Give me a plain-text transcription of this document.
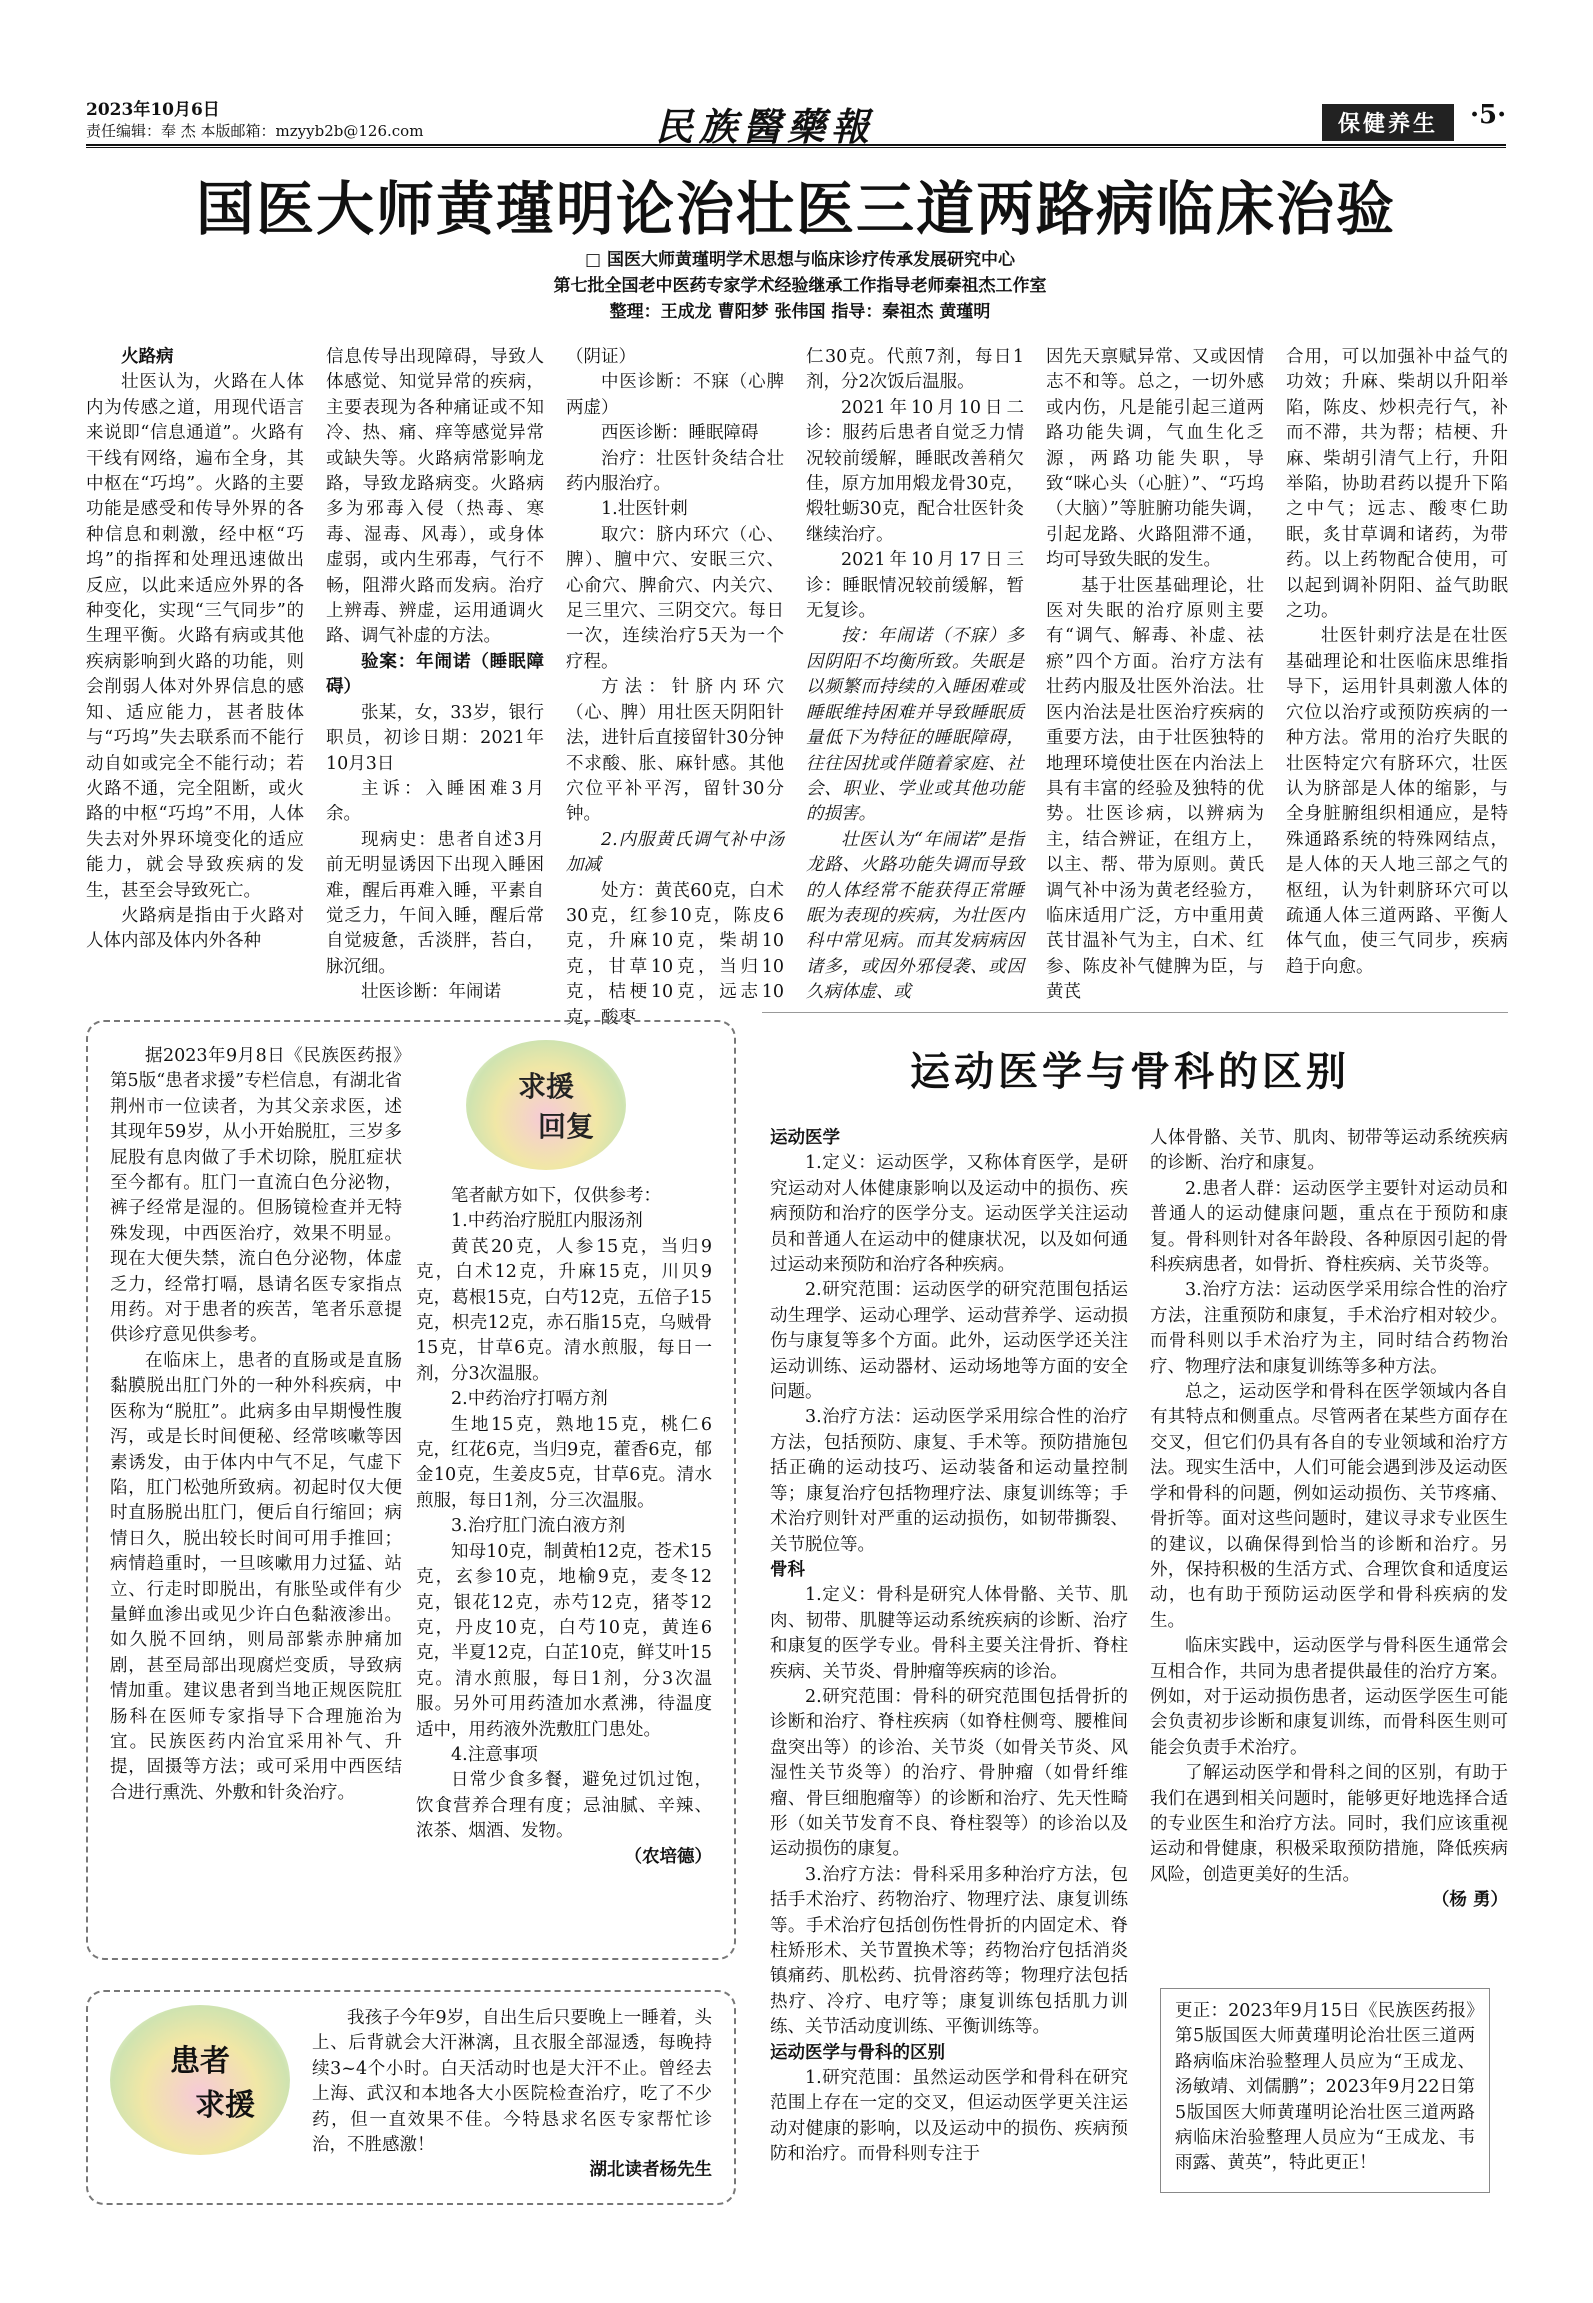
2023年10月6日
责任编辑：奉 杰 本版邮箱：mzyyb2b@126.com	民族醫藥報	保健养生	·5·
国医大师黄瑾明论治壮医三道两路病临床治验
□ 国医大师黄瑾明学术思想与临床诊疗传承发展研究中心
第七批全国老中医药专家学术经验继承工作指导老师秦祖杰工作室
整理：王成龙 曹阳梦 张伟国 指导：秦祖杰 黄瑾明

火路病

壮医认为，火路在人体内为传感之道，用现代语言来说即“信息通道”。火路有干线有网络，遍布全身，其中枢在“巧坞”。火路的主要功能是感受和传导外界的各种信息和刺激，经中枢“巧坞”的指挥和处理迅速做出反应，以此来适应外界的各种变化，实现“三气同步”的生理平衡。火路有病或其他疾病影响到火路的功能，则会削弱人体对外界信息的感知、适应能力，甚者肢体与“巧坞”失去联系而不能行动自如或完全不能行动；若火路不通，完全阻断，或火路的中枢“巧坞”不用，人体失去对外界环境变化的适应能力，就会导致疾病的发生，甚至会导致死亡。

火路病是指由于火路对人体内部及体内外各种

信息传导出现障碍，导致人体感觉、知觉异常的疾病，主要表现为各种痛证或不知冷、热、痛、痒等感觉异常或缺失等。火路病常影响龙路，导致龙路病变。火路病多为邪毒入侵（热毒、寒毒、湿毒、风毒），或身体虚弱，或内生邪毒，气行不畅，阻滞火路而发病。治疗上辨毒、辨虚，运用通调火路、调气补虚的方法。

验案：年闹诺（睡眠障碍）

张某，女，33岁，银行职员，初诊日期：2021年10月3日

主诉：入睡困难3月余。

现病史：患者自述3月前无明显诱因下出现入睡困难，醒后再难入睡，平素自觉乏力，午间入睡，醒后常自觉疲惫，舌淡胖，苔白，脉沉细。

壮医诊断：年闹诺

（阴证）

中医诊断：不寐（心脾两虚）

西医诊断：睡眠障碍

治疗：壮医针灸结合壮药内服治疗。

1.壮医针刺

取穴：脐内环穴（心、脾）、膻中穴、安眠三穴、心俞穴、脾俞穴、内关穴、足三里穴、三阴交穴。每日一次，连续治疗5天为一个疗程。

方法：针脐内环穴（心、脾）用壮医天阴阳针法，进针后直接留针30分钟不求酸、胀、麻针感。其他穴位平补平泻，留针30分钟。

2.内服黄氏调气补中汤加减

处方：黄芪60克，白术30克，红参10克，陈皮6克，升麻10克，柴胡10克，甘草10克，当归10克，桔梗10克，远志10克，酸枣

仁30克。代煎7剂，每日1剂，分2次饭后温服。

2021年10月10日二诊：服药后患者自觉乏力情况较前缓解，睡眠改善稍欠佳，原方加用煅龙骨30克，煅牡蛎30克，配合壮医针灸继续治疗。

2021年10月17日三诊：睡眠情况较前缓解，暂无复诊。

按：年闹诺（不寐）多因阴阳不均衡所致。失眠是以频繁而持续的入睡困难或睡眠维持困难并导致睡眠质量低下为特征的睡眠障碍，往往因扰或伴随着家庭、社会、职业、学业或其他功能的损害。

壮医认为“年闹诺”是指龙路、火路功能失调而导致的人体经常不能获得正常睡眠为表现的疾病，为壮医内科中常见病。而其发病病因诸多，或因外邪侵袭、或因久病体虚、或

因先天禀赋异常、又或因情志不和等。总之，一切外感或内伤，凡是能引起三道两路功能失调，气血生化乏源，两路功能失职，导致“咪心头（心脏）”、“巧坞（大脑）”等脏腑功能失调，引起龙路、火路阻滞不通，均可导致失眠的发生。

基于壮医基础理论，壮医对失眠的治疗原则主要有“调气、解毒、补虚、祛瘀”四个方面。治疗方法有壮药内服及壮医外治法。壮医内治法是壮医治疗疾病的重要方法，由于壮医独特的地理环境使壮医在内治法上具有丰富的经验及独特的优势。壮医诊病，以辨病为主，结合辨证，在组方上，以主、帮、带为原则。黄氏调气补中汤为黄老经验方，临床适用广泛，方中重用黄芪甘温补气为主，白术、红参、陈皮补气健脾为臣，与黄芪

合用，可以加强补中益气的功效；升麻、柴胡以升阳举陷，陈皮、炒枳壳行气，补而不滞，共为帮；桔梗、升麻、柴胡引清气上行，升阳举陷，协助君药以提升下陷之中气；远志、酸枣仁助眠，炙甘草调和诸药，为带药。以上药物配合使用，可以起到调补阴阳、益气助眠之功。

壮医针刺疗法是在壮医基础理论和壮医临床思维指导下，运用针具刺激人体的穴位以治疗或预防疾病的一种方法。常用的治疗失眠的壮医特定穴有脐环穴，壮医认为脐部是人体的缩影，与全身脏腑组织相通应，是特殊通路系统的特殊网结点，是人体的天人地三部之气的枢纽，认为针刺脐环穴可以疏通人体三道两路、平衡人体气血，使三气同步，疾病趋于向愈。

求援
回复

据2023年9月8日《民族医药报》第5版“患者求援”专栏信息，有湖北省荆州市一位读者，为其父亲求医，述其现年59岁，从小开始脱肛，三岁多屁股有息肉做了手术切除，脱肛症状至今都有。肛门一直流白色分泌物，裤子经常是湿的。但肠镜检查并无特殊发现，中西医治疗，效果不明显。现在大便失禁，流白色分泌物，体虚乏力，经常打嗝，恳请名医专家指点用药。对于患者的疾苦，笔者乐意提供诊疗意见供参考。

在临床上，患者的直肠或是直肠黏膜脱出肛门外的一种外科疾病，中医称为“脱肛”。此病多由早期慢性腹泻，或是长时间便秘、经常咳嗽等因素诱发，由于体内中气不足，气虚下陷，肛门松弛所致病。初起时仅大便时直肠脱出肛门，便后自行缩回；病情日久，脱出较长时间可用手推回；病情趋重时，一旦咳嗽用力过猛、站立、行走时即脱出，有胀坠或伴有少量鲜血渗出或见少许白色黏液渗出。如久脱不回纳，则局部紫赤肿痛加剧，甚至局部出现腐烂变质，导致病情加重。建议患者到当地正规医院肛肠科在医师专家指导下合理施治为宜。民族医药内治宜采用补气、升提，固摄等方法；或可采用中西医结合进行熏洗、外敷和针灸治疗。

笔者献方如下，仅供参考：

1.中药治疗脱肛内服汤剂

黄芪20克，人参15克，当归9克，白术12克，升麻15克，川贝9克，葛根15克，白芍12克，五倍子15克，枳壳12克，赤石脂15克，乌贼骨15克，甘草6克。清水煎服，每日一剂，分3次温服。

2.中药治疗打嗝方剂

生地15克，熟地15克，桃仁6克，红花6克，当归9克，藿香6克，郁金10克，生姜皮5克，甘草6克。清水煎服，每日1剂，分三次温服。

3.治疗肛门流白液方剂

知母10克，制黄柏12克，苍术15克，玄参10克，地榆9克，麦冬12克，银花12克，赤芍12克，猪苓12克，丹皮10克，白芍10克，黄连6克，半夏12克，白芷10克，鲜艾叶15克。清水煎服，每日1剂，分3次温服。另外可用药渣加水煮沸，待温度适中，用药液外洗敷肛门患处。

4.注意事项

日常少食多餐，避免过饥过饱，饮食营养合理有度；忌油腻、辛辣、浓茶、烟酒、发物。

（农培德）

患者
求援

我孩子今年9岁，自出生后只要晚上一睡着，头上、后背就会大汗淋漓，且衣服全部湿透，每晚持续3~4个小时。白天活动时也是大汗不止。曾经去上海、武汉和本地各大小医院检查治疗，吃了不少药，但一直效果不佳。今特恳求名医专家帮忙诊治，不胜感激！

湖北读者杨先生

运动医学与骨科的区别

运动医学

1.定义：运动医学，又称体育医学，是研究运动对人体健康影响以及运动中的损伤、疾病预防和治疗的医学分支。运动医学关注运动员和普通人在运动中的健康状况，以及如何通过运动来预防和治疗各种疾病。

2.研究范围：运动医学的研究范围包括运动生理学、运动心理学、运动营养学、运动损伤与康复等多个方面。此外，运动医学还关注运动训练、运动器材、运动场地等方面的安全问题。

3.治疗方法：运动医学采用综合性的治疗方法，包括预防、康复、手术等。预防措施包括正确的运动技巧、运动装备和运动量控制等；康复治疗包括物理疗法、康复训练等；手术治疗则针对严重的运动损伤，如韧带撕裂、关节脱位等。

骨科

1.定义：骨科是研究人体骨骼、关节、肌肉、韧带、肌腱等运动系统疾病的诊断、治疗和康复的医学专业。骨科主要关注骨折、脊柱疾病、关节炎、骨肿瘤等疾病的诊治。

2.研究范围：骨科的研究范围包括骨折的诊断和治疗、脊柱疾病（如脊柱侧弯、腰椎间盘突出等）的诊治、关节炎（如骨关节炎、风湿性关节炎等）的治疗、骨肿瘤（如骨纤维瘤、骨巨细胞瘤等）的诊断和治疗、先天性畸形（如关节发育不良、脊柱裂等）的诊治以及运动损伤的康复。

3.治疗方法：骨科采用多种治疗方法，包括手术治疗、药物治疗、物理疗法、康复训练等。手术治疗包括创伤性骨折的内固定术、脊柱矫形术、关节置换术等；药物治疗包括消炎镇痛药、肌松药、抗骨溶药等；物理疗法包括热疗、冷疗、电疗等；康复训练包括肌力训练、关节活动度训练、平衡训练等。

运动医学与骨科的区别

1.研究范围：虽然运动医学和骨科在研究范围上存在一定的交叉，但运动医学更关注运动对健康的影响，以及运动中的损伤、疾病预防和治疗。而骨科则专注于

人体骨骼、关节、肌肉、韧带等运动系统疾病的诊断、治疗和康复。

2.患者人群：运动医学主要针对运动员和普通人的运动健康问题，重点在于预防和康复。骨科则针对各年龄段、各种原因引起的骨科疾病患者，如骨折、脊柱疾病、关节炎等。

3.治疗方法：运动医学采用综合性的治疗方法，注重预防和康复，手术治疗相对较少。而骨科则以手术治疗为主，同时结合药物治疗、物理疗法和康复训练等多种方法。

总之，运动医学和骨科在医学领域内各自有其特点和侧重点。尽管两者在某些方面存在交叉，但它们仍具有各自的专业领域和治疗方法。现实生活中，人们可能会遇到涉及运动医学和骨科的问题，例如运动损伤、关节疼痛、骨折等。面对这些问题时，建议寻求专业医生的建议，以确保得到恰当的诊断和治疗。另外，保持积极的生活方式、合理饮食和适度运动，也有助于预防运动医学和骨科疾病的发生。

临床实践中，运动医学与骨科医生通常会互相合作，共同为患者提供最佳的治疗方案。例如，对于运动损伤患者，运动医学医生可能会负责初步诊断和康复训练，而骨科医生则可能会负责手术治疗。

了解运动医学和骨科之间的区别，有助于我们在遇到相关问题时，能够更好地选择合适的专业医生和治疗方法。同时，我们应该重视运动和骨健康，积极采取预防措施，降低疾病风险，创造更美好的生活。

（杨 勇）

更正：2023年9月15日《民族医药报》第5版国医大师黄瑾明论治壮医三道两路病临床治验整理人员应为“王成龙、汤敏靖、刘儒鹏”；2023年9月22日第5版国医大师黄瑾明论治壮医三道两路病临床治验整理人员应为“王成龙、韦雨露、黄英”，特此更正！
